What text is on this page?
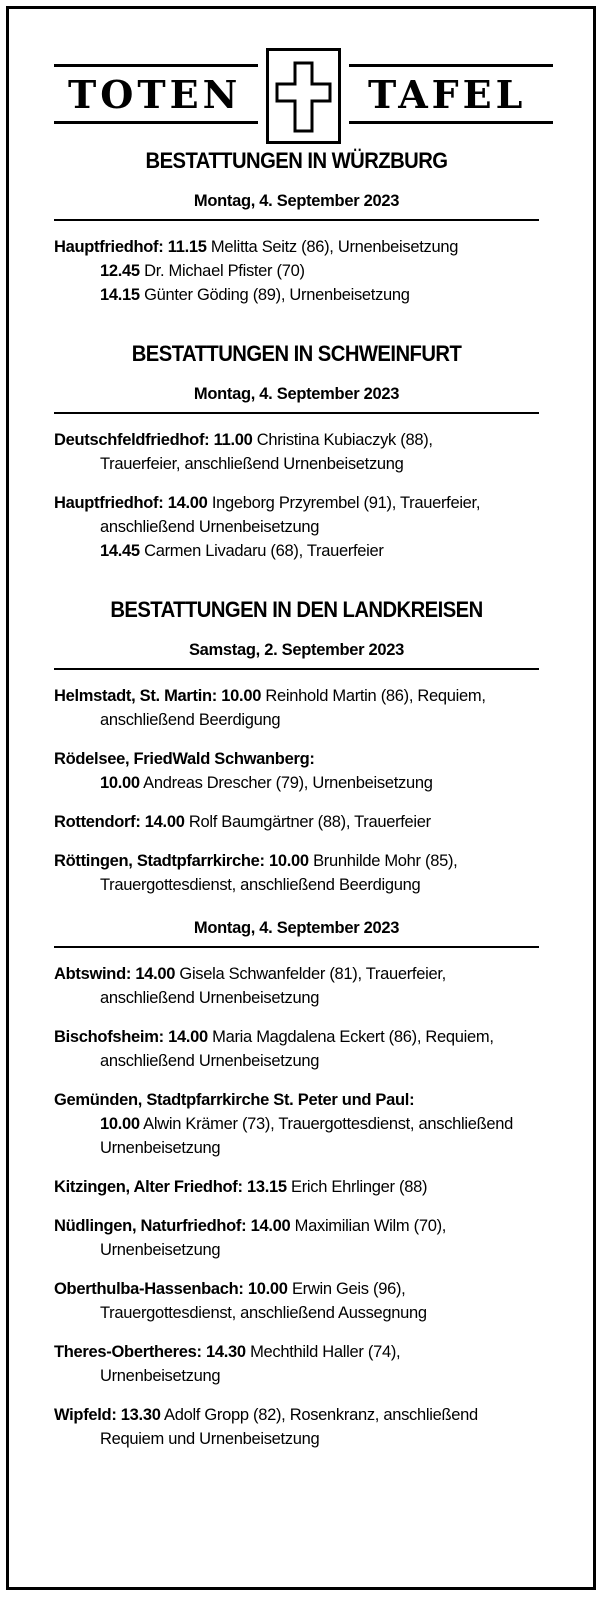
TOTEN	TAFEL
BESTATTUNGEN IN WÜRZBURG
Montag, 4. September 2023
Hauptfriedhof: 11.15 Melitta Seitz (86), Urnenbeisetzung
12.45 Dr. Michael Pfister (70)
14.15 Günter Göding (89), Urnenbeisetzung
BESTATTUNGEN IN SCHWEINFURT
Montag, 4. September 2023
Deutschfeldfriedhof: 11.00 Christina Kubiaczyk (88),
Trauerfeier, anschließend Urnenbeisetzung
Hauptfriedhof: 14.00 Ingeborg Przyrembel (91), Trauerfeier,
anschließend Urnenbeisetzung
14.45 Carmen Livadaru (68), Trauerfeier
BESTATTUNGEN IN DEN LANDKREISEN
Samstag, 2. September 2023
Helmstadt, St. Martin: 10.00 Reinhold Martin (86), Requiem,
anschließend Beerdigung
Rödelsee, FriedWald Schwanberg:
10.00 Andreas Drescher (79), Urnenbeisetzung
Rottendorf: 14.00 Rolf Baumgärtner (88), Trauerfeier
Röttingen, Stadtpfarrkirche: 10.00 Brunhilde Mohr (85),
Trauergottesdienst, anschließend Beerdigung
Montag, 4. September 2023
Abtswind: 14.00 Gisela Schwanfelder (81), Trauerfeier,
anschließend Urnenbeisetzung
Bischofsheim: 14.00 Maria Magdalena Eckert (86), Requiem,
anschließend Urnenbeisetzung
Gemünden, Stadtpfarrkirche St. Peter und Paul:
10.00 Alwin Krämer (73), Trauergottesdienst, anschließend
Urnenbeisetzung
Kitzingen, Alter Friedhof: 13.15 Erich Ehrlinger (88)
Nüdlingen, Naturfriedhof: 14.00 Maximilian Wilm (70),
Urnenbeisetzung
Oberthulba-Hassenbach: 10.00 Erwin Geis (96),
Trauergottesdienst, anschließend Aussegnung
Theres-Obertheres: 14.30 Mechthild Haller (74),
Urnenbeisetzung
Wipfeld: 13.30 Adolf Gropp (82), Rosenkranz, anschließend
Requiem und Urnenbeisetzung
